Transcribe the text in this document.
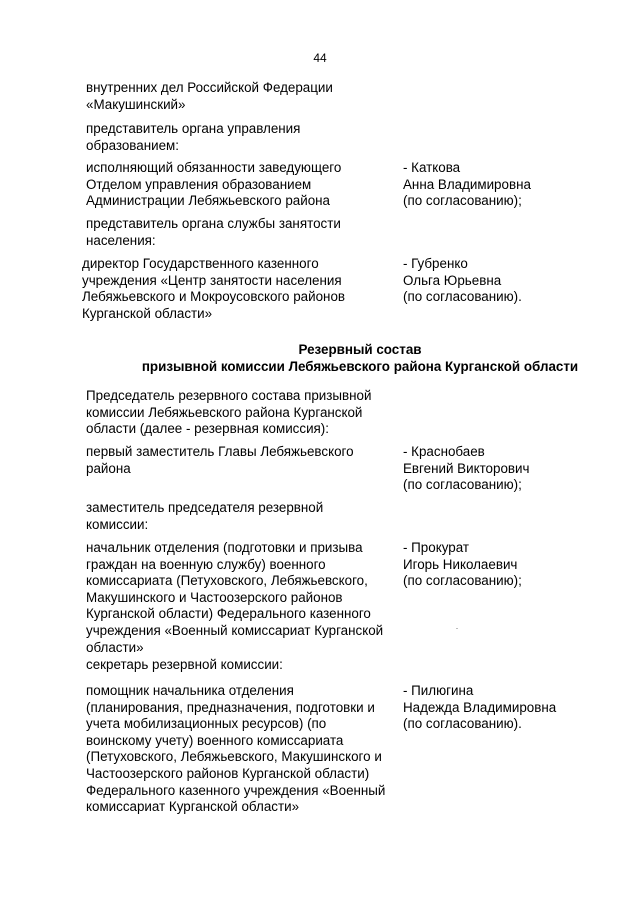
44
внутренних дел Российской Федерации
«Макушинский»
представитель органа управления
образованием:
исполняющий обязанности заведующего
Отделом управления образованием
Администрации Лебяжьевского района
- Каткова
Анна Владимировна
(по согласованию);
представитель органа службы занятости
населения:
директор Государственного казенного
учреждения «Центр занятости населения
Лебяжьевского и Мокроусовского районов
Курганской области»
- Губренко
Ольга Юрьевна
(по согласованию).
Резервный состав
призывной комиссии Лебяжьевского района Курганской области
Председатель резервного состава призывной
комиссии Лебяжьевского района Курганской
области (далее - резервная комиссия):
первый заместитель Главы Лебяжьевского
района
- Краснобаев
Евгений Викторович
(по согласованию);
заместитель председателя резервной
комиссии:
начальник отделения (подготовки и призыва
граждан на военную службу) военного
комиссариата (Петуховского, Лебяжьевского,
Макушинского и Частоозерского районов
Курганской области) Федерального казенного
учреждения «Военный комиссариат Курганской
области»
- Прокурат
Игорь Николаевич
(по согласованию);
секретарь резервной комиссии:
помощник начальника отделения
(планирования, предназначения, подготовки и
учета мобилизационных ресурсов) (по
воинскому учету) военного комиссариата
(Петуховского, Лебяжьевского, Макушинского и
Частоозерского районов Курганской области)
Федерального казенного учреждения «Военный
комиссариат Курганской области»
- Пилюгина
Надежда Владимировна
(по согласованию).
